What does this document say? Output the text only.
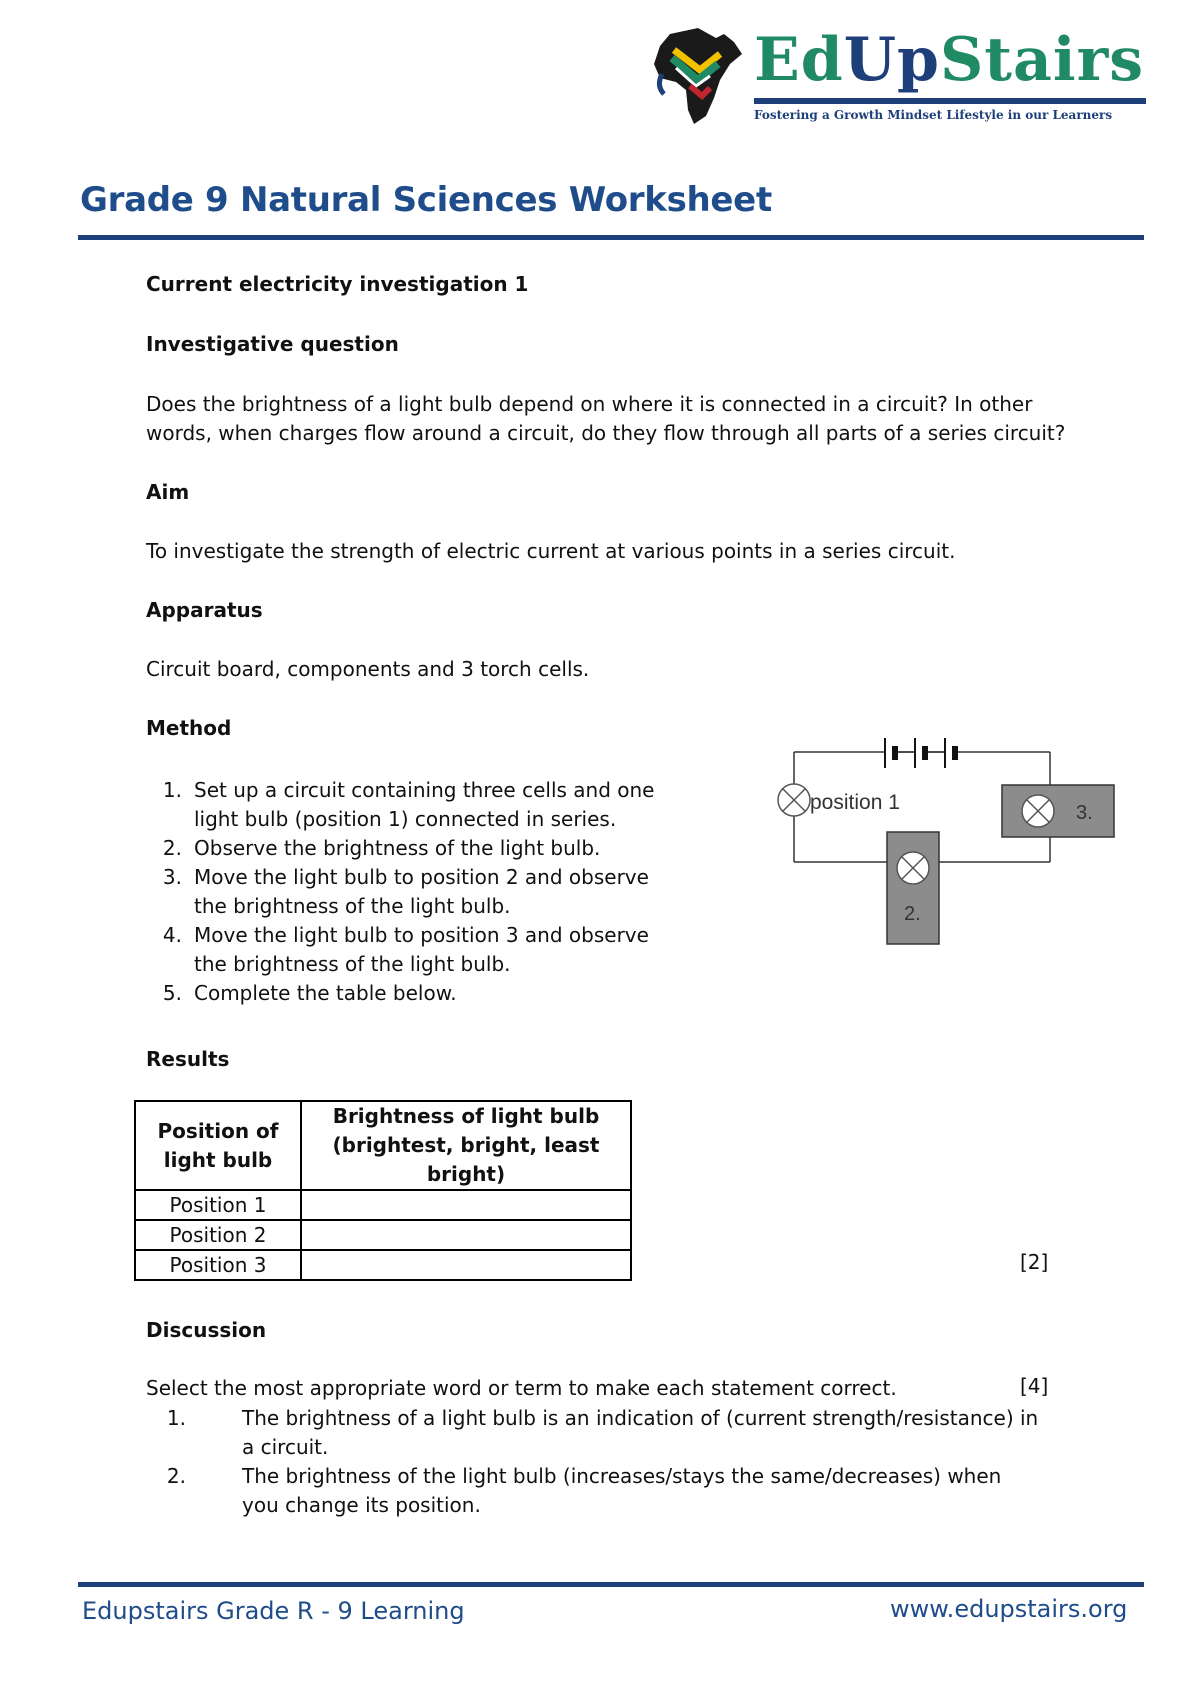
EdUpStairs
Fostering a Growth Mindset Lifestyle in our Learners
Grade 9 Natural Sciences Worksheet
Current electricity investigation 1
Investigative question
Does the brightness of a light bulb depend on where it is connected in a circuit? In other
words, when charges flow around a circuit, do they flow through all parts of a series circuit?
Aim
To investigate the strength of electric current at various points in a series circuit.
Apparatus
Circuit board, components and 3 torch cells.
Method
1. Set up a circuit containing three cells and one light bulb (position 1) connected in series.
2. Observe the brightness of the light bulb.
3. Move the light bulb to position 2 and observe the brightness of the light bulb.
4. Move the light bulb to position 3 and observe the brightness of the light bulb.
5. Complete the table below.
position 1
2.
3.
Results
Position of
light bulb	Brightness of light bulb
(brightest, bright, least bright)
Position 1	
Position 2	
Position 3		[2]
Discussion
Select the most appropriate word or term to make each statement correct.	[4]
1.	The brightness of a light bulb is an indication of (current strength/resistance) in a circuit.
2.	The brightness of the light bulb (increases/stays the same/decreases) when you change its position.
Edupstairs Grade R - 9 Learning	www.edupstairs.org
